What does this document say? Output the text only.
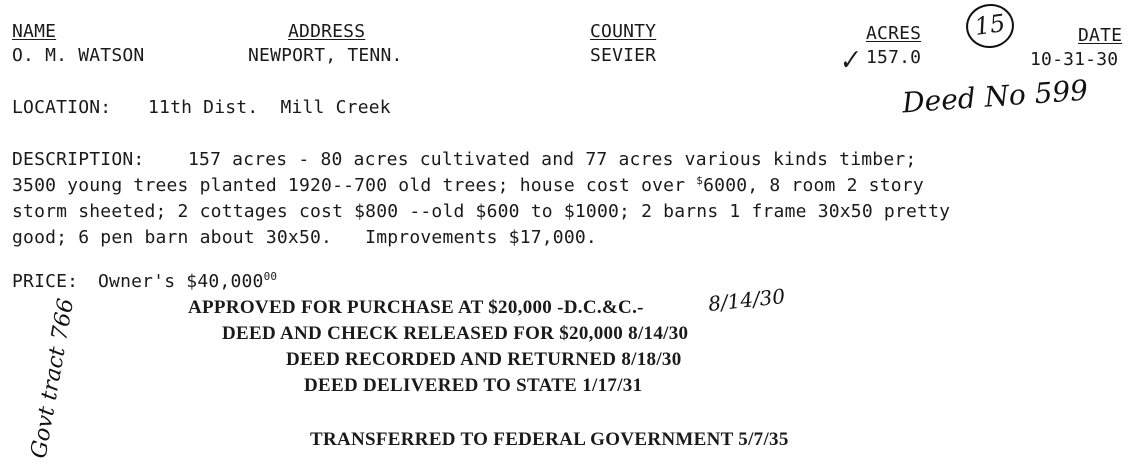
NAME
O. M. WATSON
ADDRESS
NEWPORT, TENN.
COUNTY
SEVIER
ACRES
157.0
DATE
10-31-30
✓
15
Deed No 599
LOCATION: 11th Dist.  Mill Creek
DESCRIPTION: 157 acres - 80 acres cultivated and 77 acres various kinds timber;
3500 young trees planted 1920--700 old trees; house cost over $6000, 8 room 2 story
storm sheeted; 2 cottages cost $800 --old $600 to $1000; 2 barns 1 frame 30x50 pretty
good; 6 pen barn about 30x50.   Improvements $17,000.
PRICE: Owner's $40,000$^{00}$
APPROVED FOR PURCHASE AT $20,000 -D.C.&C.-	8/14/30
DEED AND CHECK RELEASED FOR $20,000 8/14/30
DEED RECORDED AND RETURNED 8/18/30
DEED DELIVERED TO STATE 1/17/31
TRANSFERRED TO FEDERAL GOVERNMENT 5/7/35
Govt tract 766
